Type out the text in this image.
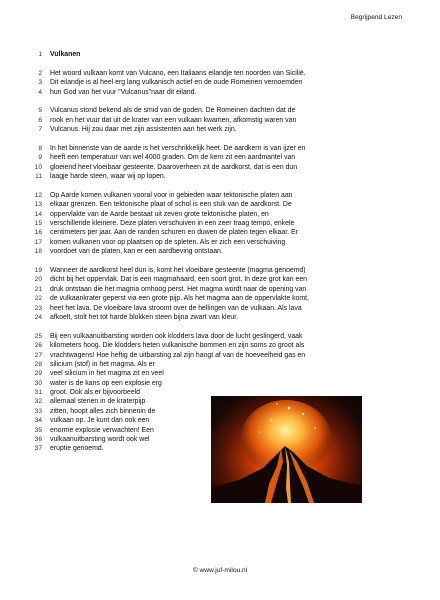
Begrijpend Lezen
1 Vulkanen
2 Het woord vulkaan komt van Vulcano, een Italiaans eilandje ten noorden van Sicilië.
3 Dit eilandje is al heel erg lang vulkanisch actief en de oude Romeinen vernoemden
4 hun God van het vuur "Vulcanus"naar dit eiland.
5 Vulcanus stond bekend als de smid van de goden. De Romeinen dachten dat de
6 rook en het vuur dat uit de krater van een vulkaan kwamen, afkomstig waren van
7 Vulcanus. Hij zou daar met zijn assistenten aan het werk zijn.
8 In het binnenste van de aarde is het verschrikkelijk heet. De aardkern is van ijzer en
9 heeft een temperatuur van wel 4000 graden. Om de kern zit een aardmantel van
10 gloeiend heet vloeibaar gesteente. Daaroverheen zit de aardkorst, dat is een dun
11 laagje harde steen, waar wij op lopen.
12 Op Aarde komen vulkanen vooral voor in gebieden waar tektonische platen aan
13 elkaar grenzen. Een tektonische plaat of schol is een stuk van de aardkorst. De
14 oppervlakte van de Aarde bestaat uit zeven grote tektonische platen, en
15 verschillende kleinere. Deze platen verschuiven in een zeer traag tempo, enkele
16 centimeters per jaar. Aan de randen schuren en duwen de platen tegen elkaar. Er
17 komen vulkanen voor op plaatsen op de spleten. Als er zich een verschuiving
18 voordoet van de platen, kan er een aardbeving ontstaan.
19 Wanneer de aardkorst heel dun is, komt het vloeibare gesteente (magma genoemd)
20 dicht bij het oppervlak. Dat is een magmahaard, een soort grot. In deze grot kan een
21 druk ontstaan die het magma omhoog perst. Het magma wordt naar de opening van
22 de vulkaankrater geperst via een grote pijp. Als het magma aan de oppervlakte komt,
23 heet het lava. De vloeibare lava stroomt over de hellingen van de vulkaan. Als lava
24 afkoelt, stolt het tot harde blokken steen bijna zwart van kleur.
25 Bij een vulkaanuitbarsting worden ook klodders lava door de lucht geslingerd, vaak
26 kilometers hoog. Die klodders heten vulkanische bommen en zijn soms zo groot als
27 vrachtwagens! Hoe heftig de uitbarsting zal zijn hangt af van de hoeveelheid gas en
28 silicium (stof) in het magma. Als er
29 veel silicium in het magma zit en veel
30 water is de kans op een explosie erg
31 groot. Ook als er bijvoorbeeld
32 allemaal stenen in de kraterpijp
33 zitten, hoopt alles zich binnenin de
34 vulkaan op. Je kunt dan ook een
35 enorme explosie verwachten! Een
36 vulkaanuitbarsting wordt ook wel
37 eruptie genoemd.
© www.juf-milou.nl
